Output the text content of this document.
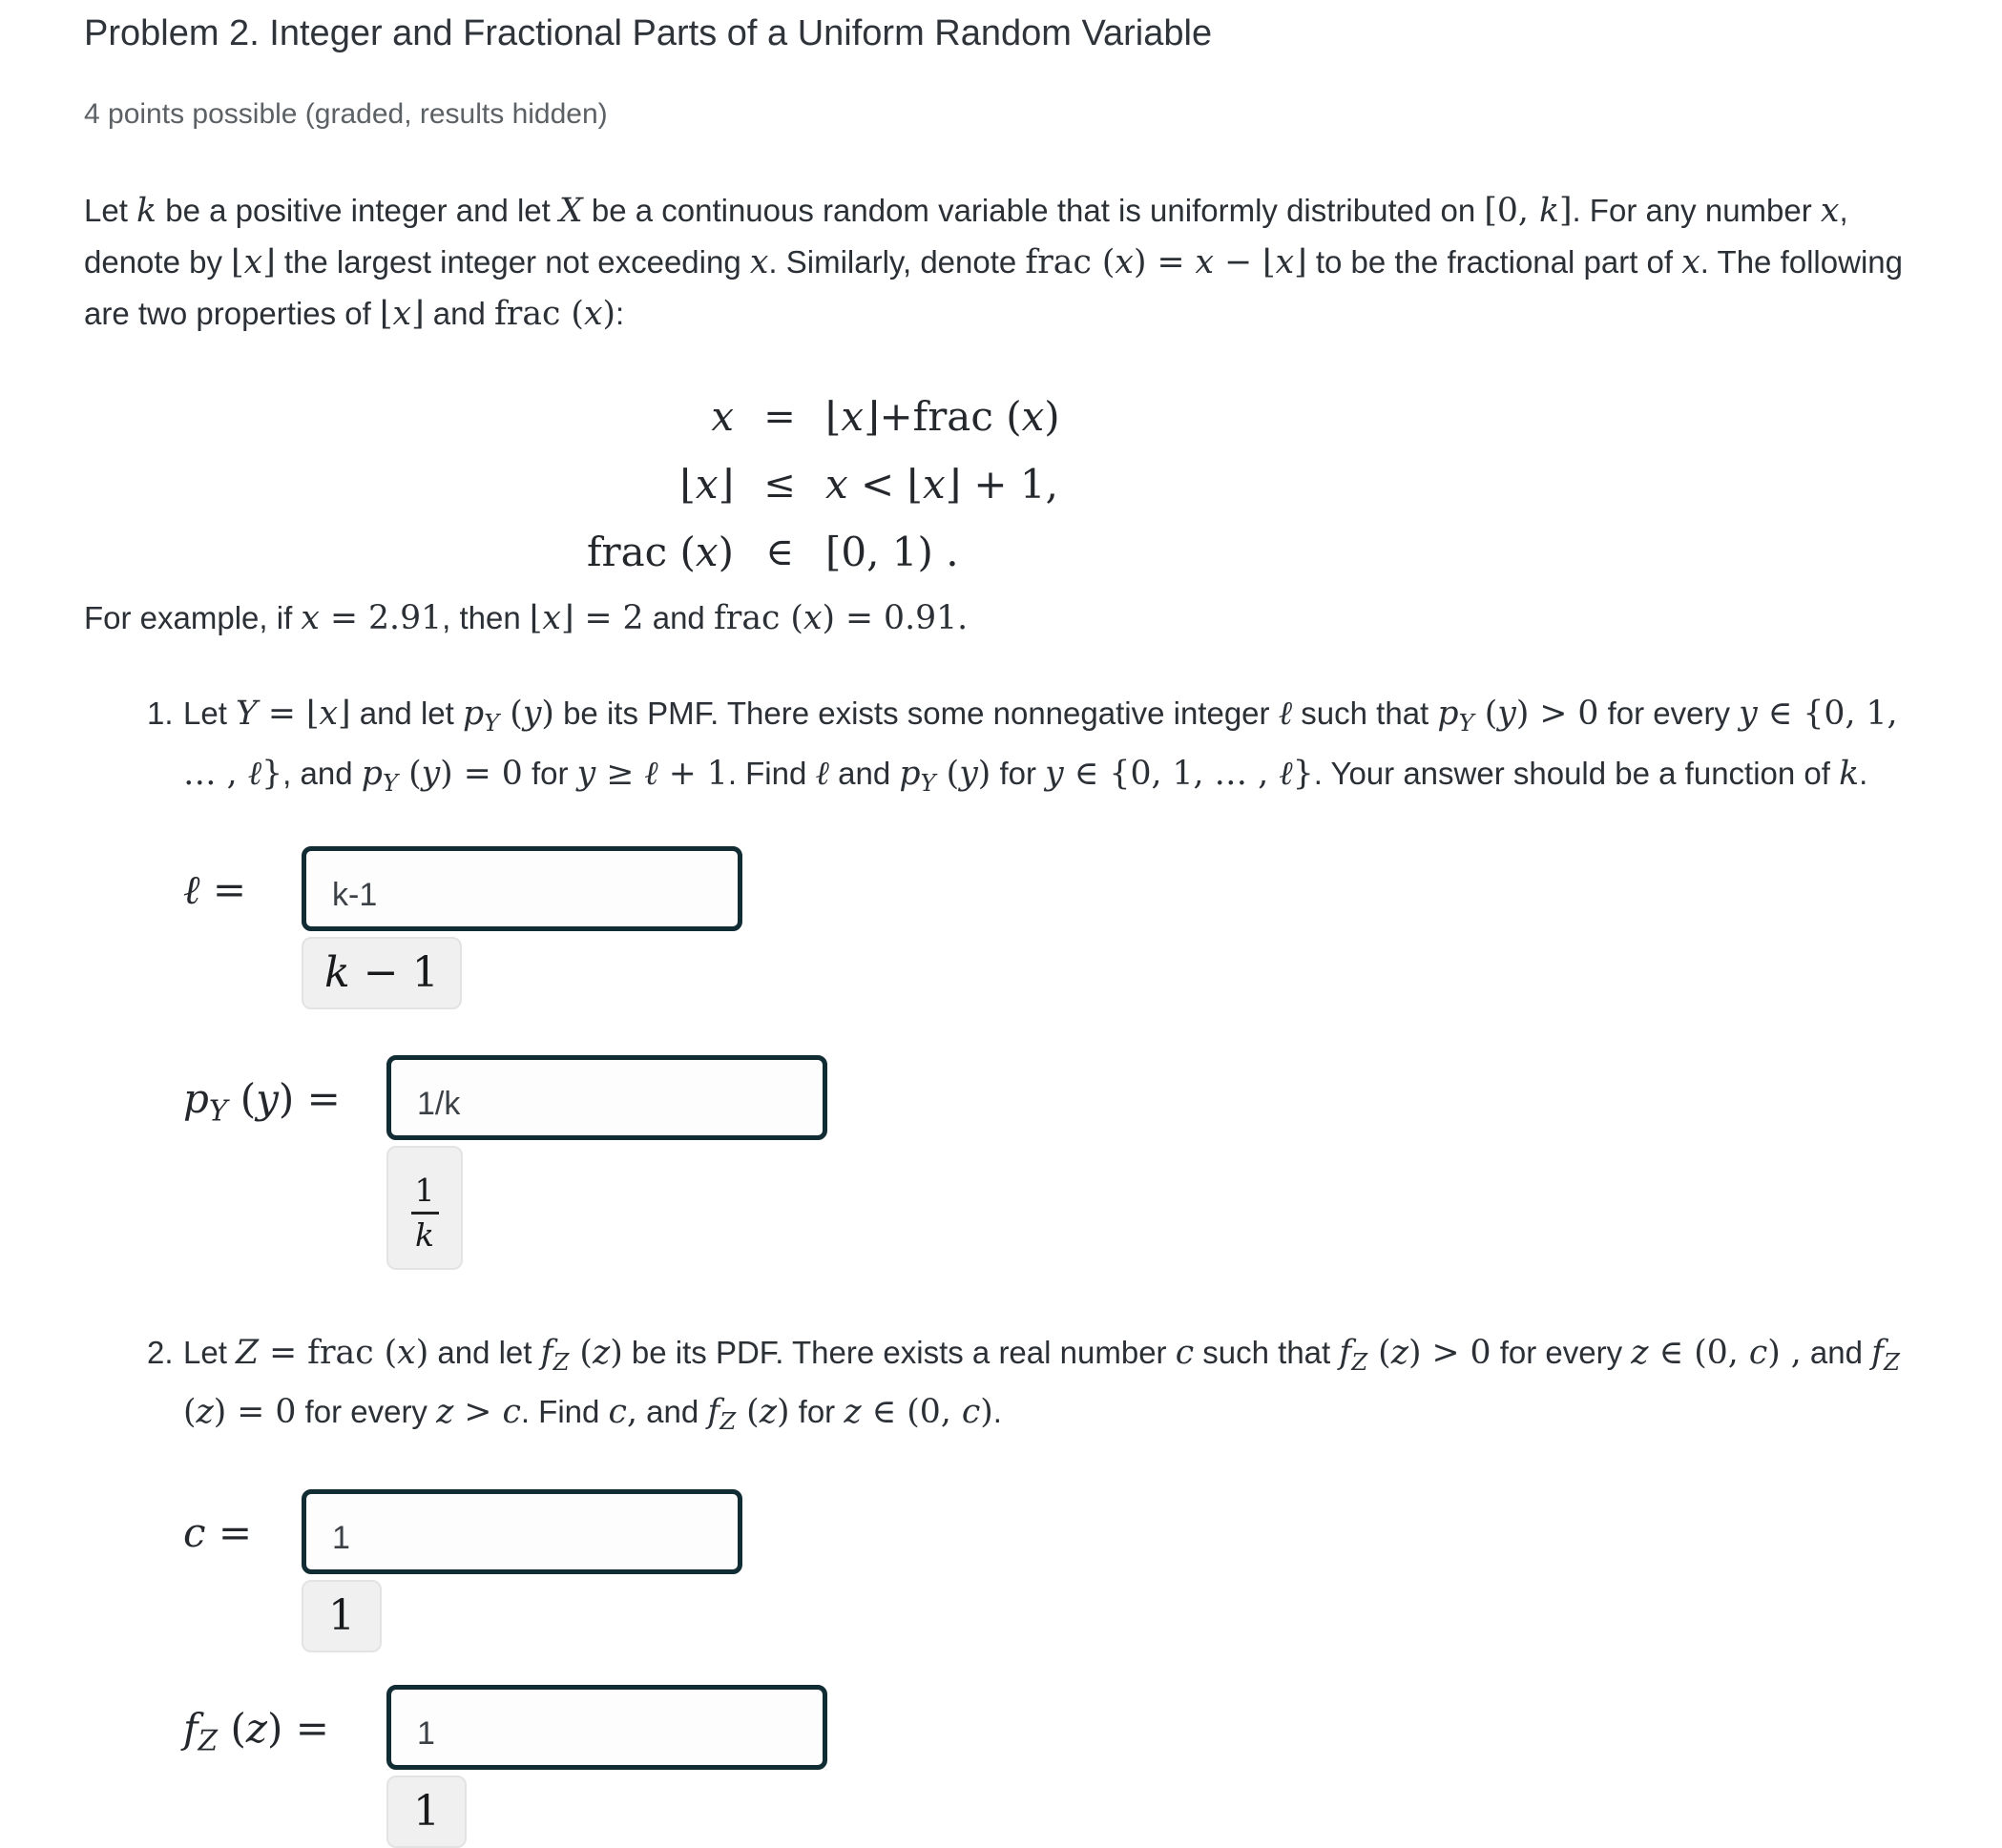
Problem 2. Integer and Fractional Parts of a Uniform Random Variable
4 points possible (graded, results hidden)
Let k be a positive integer and let X be a continuous random variable that is uniformly distributed on [0, k]. For any number x, denote by ⌊x⌋ the largest integer not exceeding x. Similarly, denote frac (x) = x − ⌊x⌋ to be the fractional part of x. The following are two properties of ⌊x⌋ and frac (x):
x = ⌊x⌋+frac (x)
⌊x⌋ ≤ x < ⌊x⌋ + 1,
frac (x) ∈ [0, 1) .
For example, if x = 2.91, then ⌊x⌋ = 2 and frac (x) = 0.91.
1. Let Y = ⌊x⌋ and let $p_Y$ (y) be its PMF. There exists some nonnegative integer ℓ such that $p_Y$ (y) > 0 for every y ∈ {0, 1, … , ℓ}, and $p_Y$ (y) = 0 for y ≥ ℓ + 1. Find ℓ and $p_Y$ (y) for y ∈ {0, 1, … , ℓ}. Your answer should be a function of k.
ℓ =
k-1
k − 1
$p_Y$ (y) =
1/k
$\frac{1}{k}$
2. Let Z = frac (x) and let $f_Z$ (z) be its PDF. There exists a real number c such that $f_Z$ (z) > 0 for every z ∈ (0, c) , and $f_Z$ (z) = 0 for every z > c. Find c, and $f_Z$ (z) for z ∈ (0, c).
c =
1
1
$f_Z$ (z) =
1
1
